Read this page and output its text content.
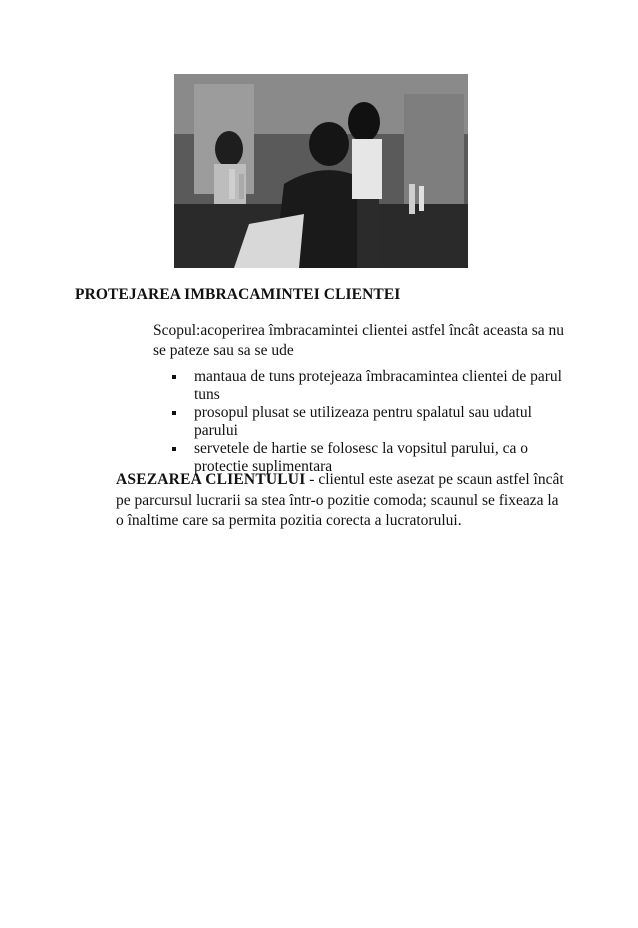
PROTEJAREA IMBRACAMINTEI CLIENTEI
Scopul:acoperirea îmbracamintei clientei astfel încât aceasta sa nu se pateze sau sa se ude
mantaua de tuns protejeaza îmbracamintea clientei de parul tuns
prosopul plusat se utilizeaza pentru spalatul sau udatul parului
servetele de hartie se folosesc la vopsitul parului, ca o protectie suplimentara
ASEZAREA CLIENTULUI - clientul este asezat pe scaun astfel încât pe parcursul lucrarii sa stea într-o pozitie comoda; scaunul se fixeaza la o înaltime care sa permita pozitia corecta a lucratorului.
